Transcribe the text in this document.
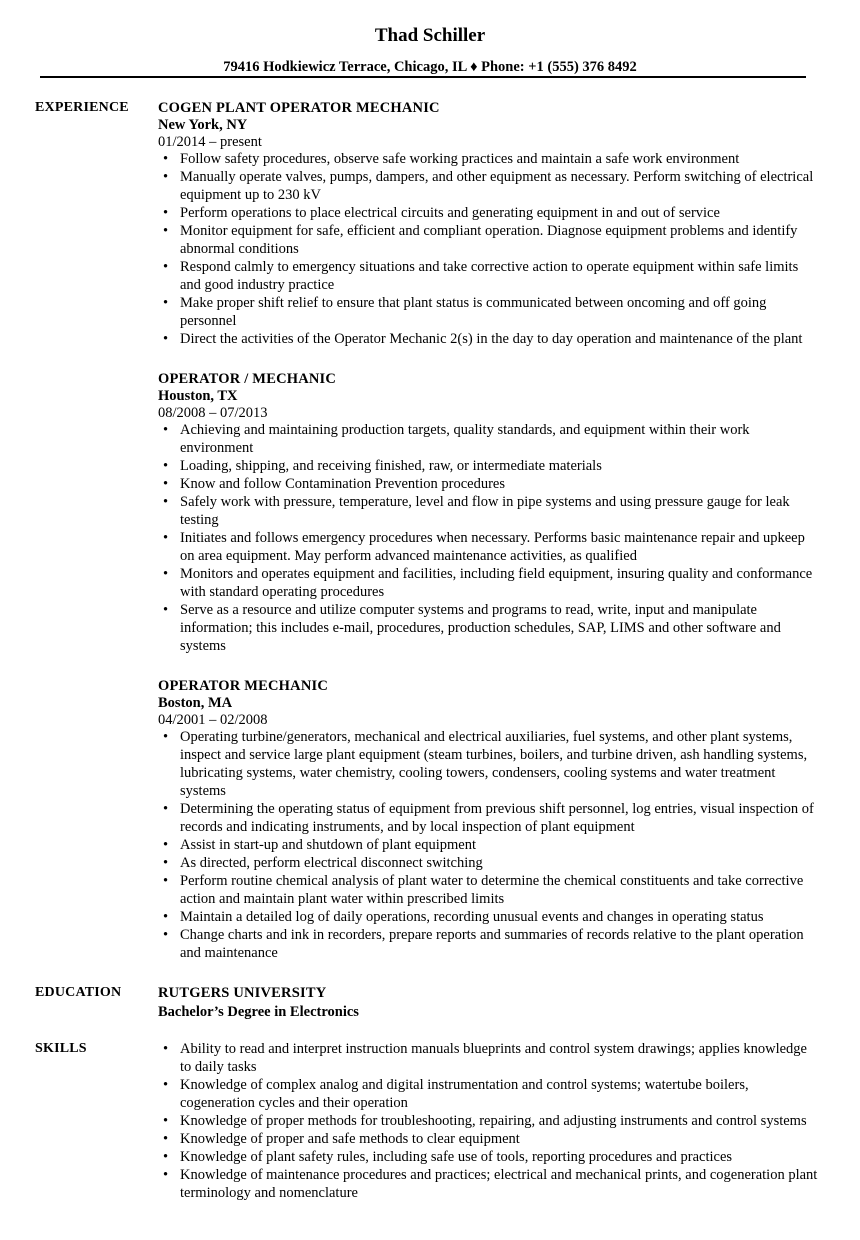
Thad Schiller
79416 Hodkiewicz Terrace, Chicago, IL ♦ Phone: +1 (555) 376 8492
EXPERIENCE COGEN PLANT OPERATOR MECHANIC
New York, NY
01/2014 – present
• Follow safety procedures, observe safe working practices and maintain a safe work environment
• Manually operate valves, pumps, dampers, and other equipment as necessary. Perform switching of electrical equipment up to 230 kV
• Perform operations to place electrical circuits and generating equipment in and out of service
• Monitor equipment for safe, efficient and compliant operation. Diagnose equipment problems and identify abnormal conditions
• Respond calmly to emergency situations and take corrective action to operate equipment within safe limits and good industry practice
• Make proper shift relief to ensure that plant status is communicated between oncoming and off going personnel
• Direct the activities of the Operator Mechanic 2(s) in the day to day operation and maintenance of the plant
OPERATOR / MECHANIC
Houston, TX
08/2008 – 07/2013
• Achieving and maintaining production targets, quality standards, and equipment within their work environment
• Loading, shipping, and receiving finished, raw, or intermediate materials
• Know and follow Contamination Prevention procedures
• Safely work with pressure, temperature, level and flow in pipe systems and using pressure gauge for leak testing
• Initiates and follows emergency procedures when necessary. Performs basic maintenance repair and upkeep on area equipment. May perform advanced maintenance activities, as qualified
• Monitors and operates equipment and facilities, including field equipment, insuring quality and conformance with standard operating procedures
• Serve as a resource and utilize computer systems and programs to read, write, input and manipulate information; this includes e-mail, procedures, production schedules, SAP, LIMS and other software and systems
OPERATOR MECHANIC
Boston, MA
04/2001 – 02/2008
• Operating turbine/generators, mechanical and electrical auxiliaries, fuel systems, and other plant systems, inspect and service large plant equipment (steam turbines, boilers, and turbine driven, ash handling systems, lubricating systems, water chemistry, cooling towers, condensers, cooling systems and water treatment systems
• Determining the operating status of equipment from previous shift personnel, log entries, visual inspection of records and indicating instruments, and by local inspection of plant equipment
• Assist in start-up and shutdown of plant equipment
• As directed, perform electrical disconnect switching
• Perform routine chemical analysis of plant water to determine the chemical constituents and take corrective action and maintain plant water within prescribed limits
• Maintain a detailed log of daily operations, recording unusual events and changes in operating status
• Change charts and ink in recorders, prepare reports and summaries of records relative to the plant operation and maintenance
EDUCATION	RUTGERS UNIVERSITY
Bachelor’s Degree in Electronics
SKILLS
•	Ability to read and interpret instruction manuals blueprints and control system drawings; applies knowledge to daily tasks
• Knowledge of complex analog and digital instrumentation and control systems; watertube boilers, cogeneration cycles and their operation
• Knowledge of proper methods for troubleshooting, repairing, and adjusting instruments and control systems
• Knowledge of proper and safe methods to clear equipment
• Knowledge of plant safety rules, including safe use of tools, reporting procedures and practices
• Knowledge of maintenance procedures and practices; electrical and mechanical prints, and cogeneration plant terminology and nomenclature
